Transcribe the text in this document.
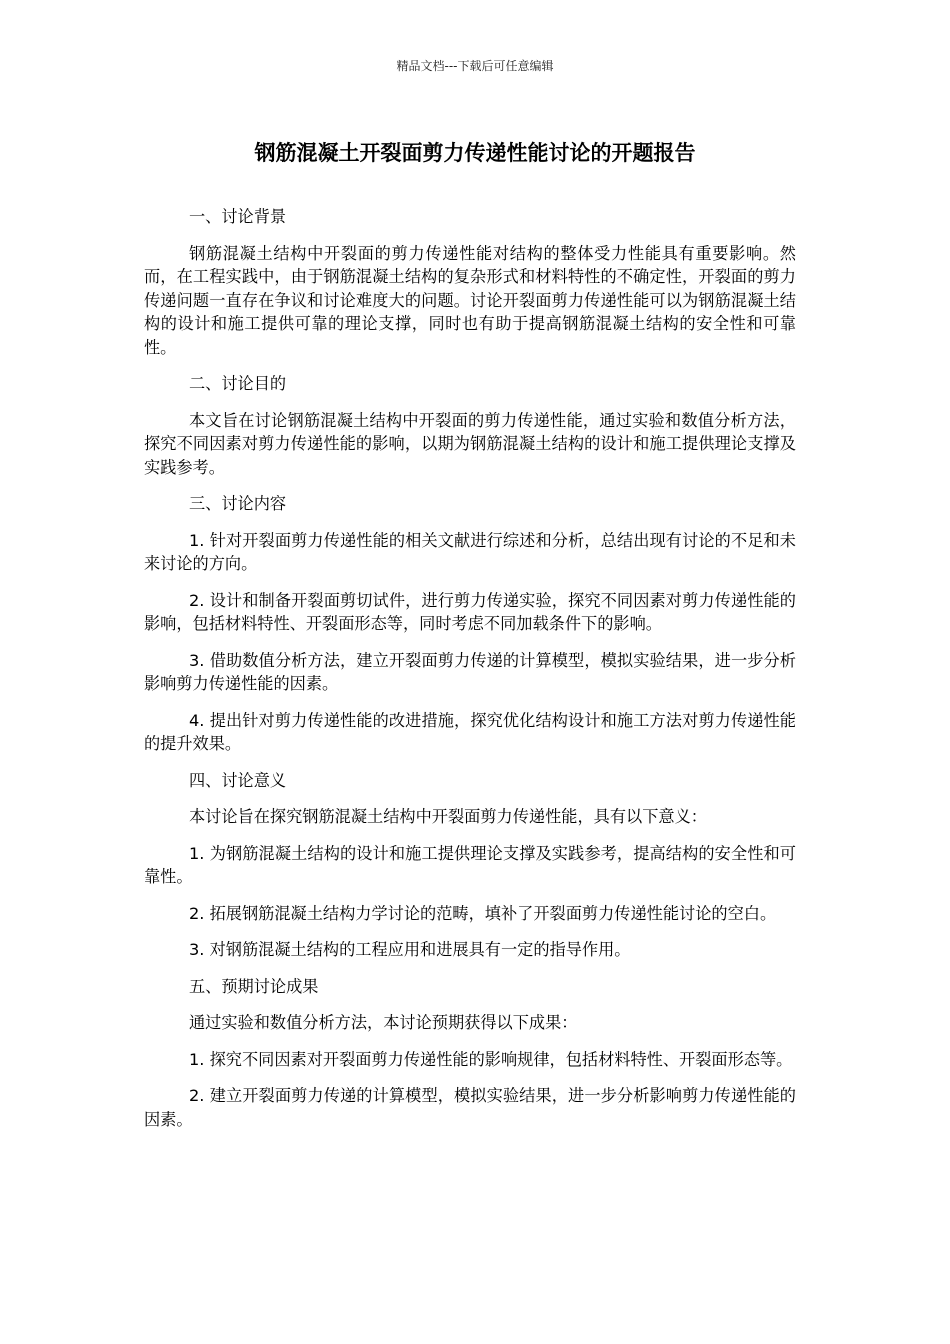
精品文档---下载后可任意编辑
钢筋混凝土开裂面剪力传递性能讨论的开题报告

一、讨论背景

钢筋混凝土结构中开裂面的剪力传递性能对结构的整体受力性能具有重要影响。然而，在工程实践中，由于钢筋混凝土结构的复杂形式和材料特性的不确定性，开裂面的剪力传递问题一直存在争议和讨论难度大的问题。讨论开裂面剪力传递性能可以为钢筋混凝土结构的设计和施工提供可靠的理论支撑，同时也有助于提高钢筋混凝土结构的安全性和可靠性。

二、讨论目的

本文旨在讨论钢筋混凝土结构中开裂面的剪力传递性能，通过实验和数值分析方法，探究不同因素对剪力传递性能的影响，以期为钢筋混凝土结构的设计和施工提供理论支撑及实践参考。

三、讨论内容

1. 针对开裂面剪力传递性能的相关文献进行综述和分析，总结出现有讨论的不足和未来讨论的方向。

2. 设计和制备开裂面剪切试件，进行剪力传递实验，探究不同因素对剪力传递性能的影响，包括材料特性、开裂面形态等，同时考虑不同加载条件下的影响。

3. 借助数值分析方法，建立开裂面剪力传递的计算模型，模拟实验结果，进一步分析影响剪力传递性能的因素。

4. 提出针对剪力传递性能的改进措施，探究优化结构设计和施工方法对剪力传递性能的提升效果。

四、讨论意义

本讨论旨在探究钢筋混凝土结构中开裂面剪力传递性能，具有以下意义：

1. 为钢筋混凝土结构的设计和施工提供理论支撑及实践参考，提高结构的安全性和可靠性。

2. 拓展钢筋混凝土结构力学讨论的范畴，填补了开裂面剪力传递性能讨论的空白。

3. 对钢筋混凝土结构的工程应用和进展具有一定的指导作用。

五、预期讨论成果

通过实验和数值分析方法，本讨论预期获得以下成果：

1. 探究不同因素对开裂面剪力传递性能的影响规律，包括材料特性、开裂面形态等。

2. 建立开裂面剪力传递的计算模型，模拟实验结果，进一步分析影响剪力传递性能的因素。
